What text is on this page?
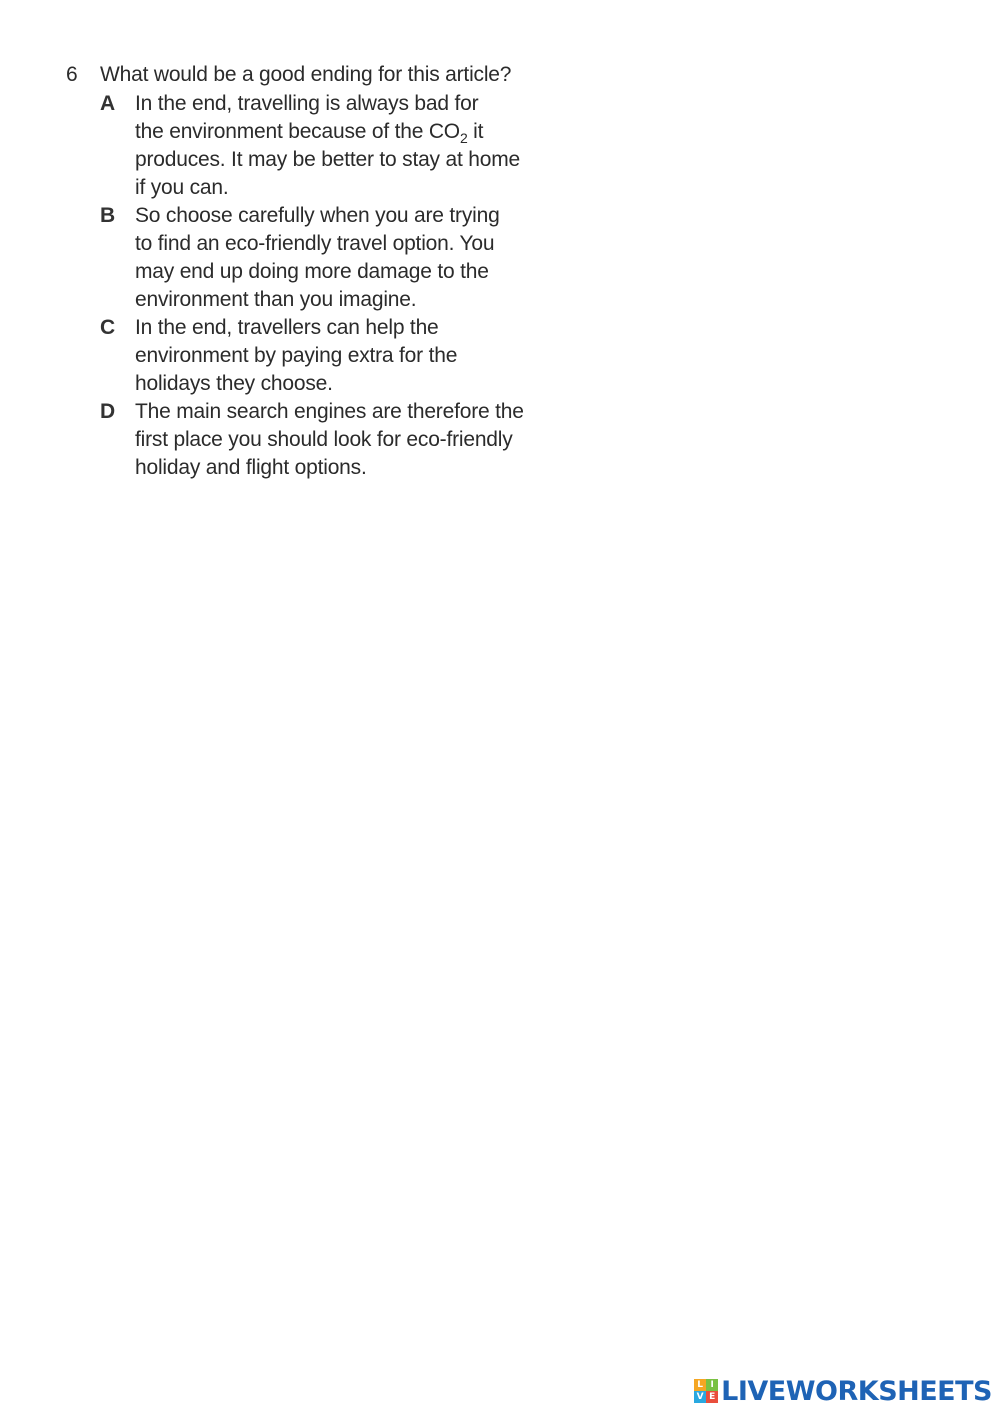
6	What would be a good ending for this article?
A In the end, travelling is always bad for
the environment because of the $CO_2$ it
produces. It may be better to stay at home
if you can.
B So choose carefully when you are trying
to find an eco-friendly travel option. You
may end up doing more damage to the
environment than you imagine.
C In the end, travellers can help the
environment by paying extra for the
holidays they choose.
D The main search engines are therefore the
first place you should look for eco-friendly
holiday and flight options.
L I
V E LIVEWORKSHEETS
